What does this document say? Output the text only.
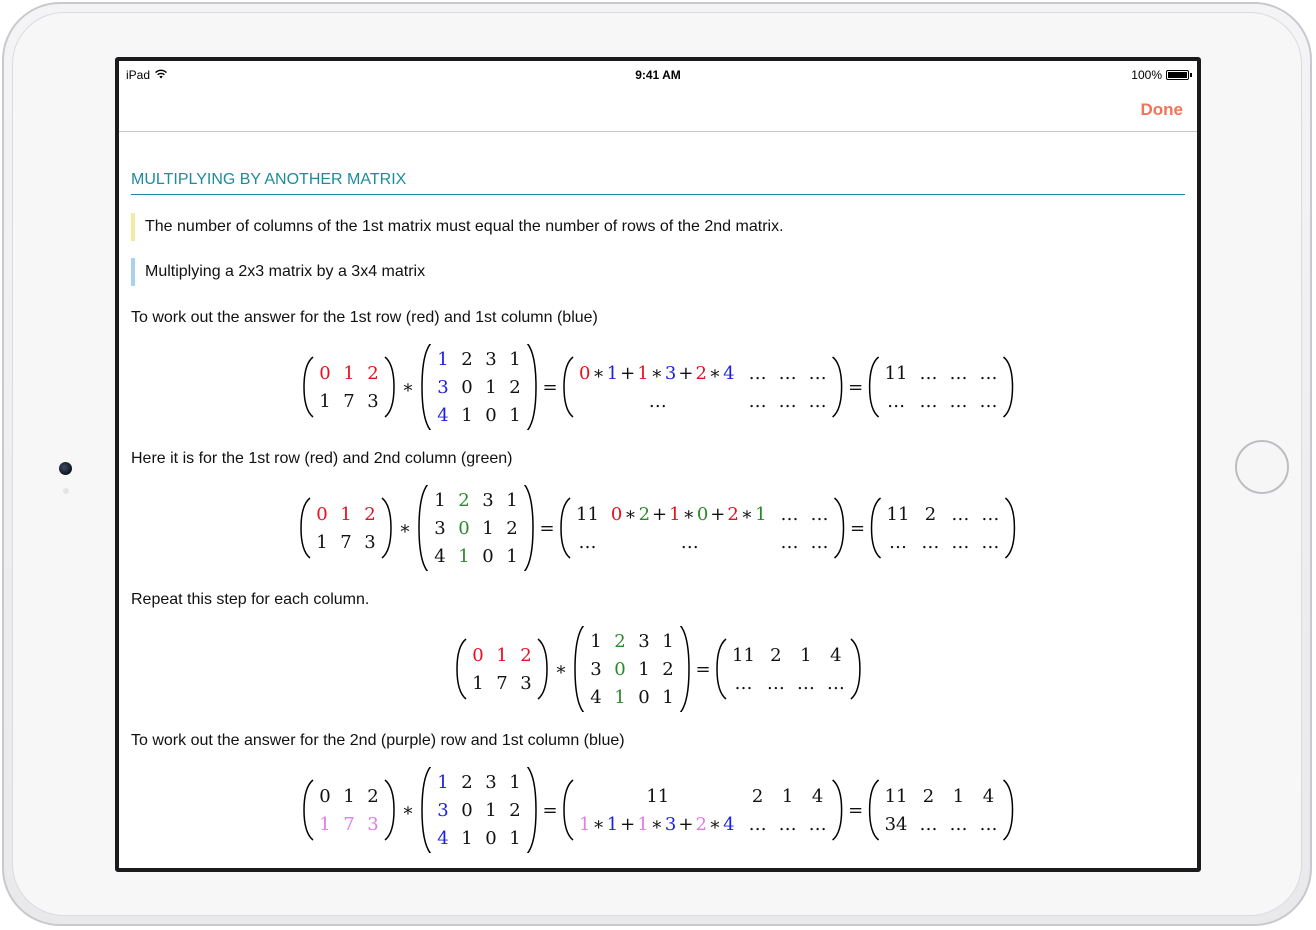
iPad	9:41 AM	100%
Done
MULTIPLYING BY ANOTHER MATRIX
The number of columns of the 1st matrix must equal the number of rows of the 2nd matrix.
Multiplying a 2x3 matrix by a 3x4 matrix
To work out the answer for the 1st row (red) and 1st column (blue)
0
1
1
7
2
3
∗
1
3
4
2
0
1
3
1
0
1
2
1
=
0 ∗ 1 + 1 ∗ 3 + 2 ∗ 4
…
…
…
…
…
…
…
=
11
…
…
…
…
…
…
…
Here it is for the 1st row (red) and 2nd column (green)
0
1
1
7
2
3
∗
1
3
4
2
0
1
3
1
0
1
2
1
=
11
…
0 ∗ 2 + 1 ∗ 0 + 2 ∗ 1
…
…
…
…
…
=
11
…
2
…
…
…
…
…
Repeat this step for each column.
0
1
1
7
2
3
∗
1
3
4
2
0
1
3
1
0
1
2
1
=
11
…
2
…
1
…
4
…
To work out the answer for the 2nd (purple) row and 1st column (blue)
0
1
1
7
2
3
∗
1
3
4
2
0
1
3
1
0
1
2
1
=
11
1 ∗ 1 + 1 ∗ 3 + 2 ∗ 4
2
…
1
…
4
…
=
11
34
2
…
1
…
4
…
